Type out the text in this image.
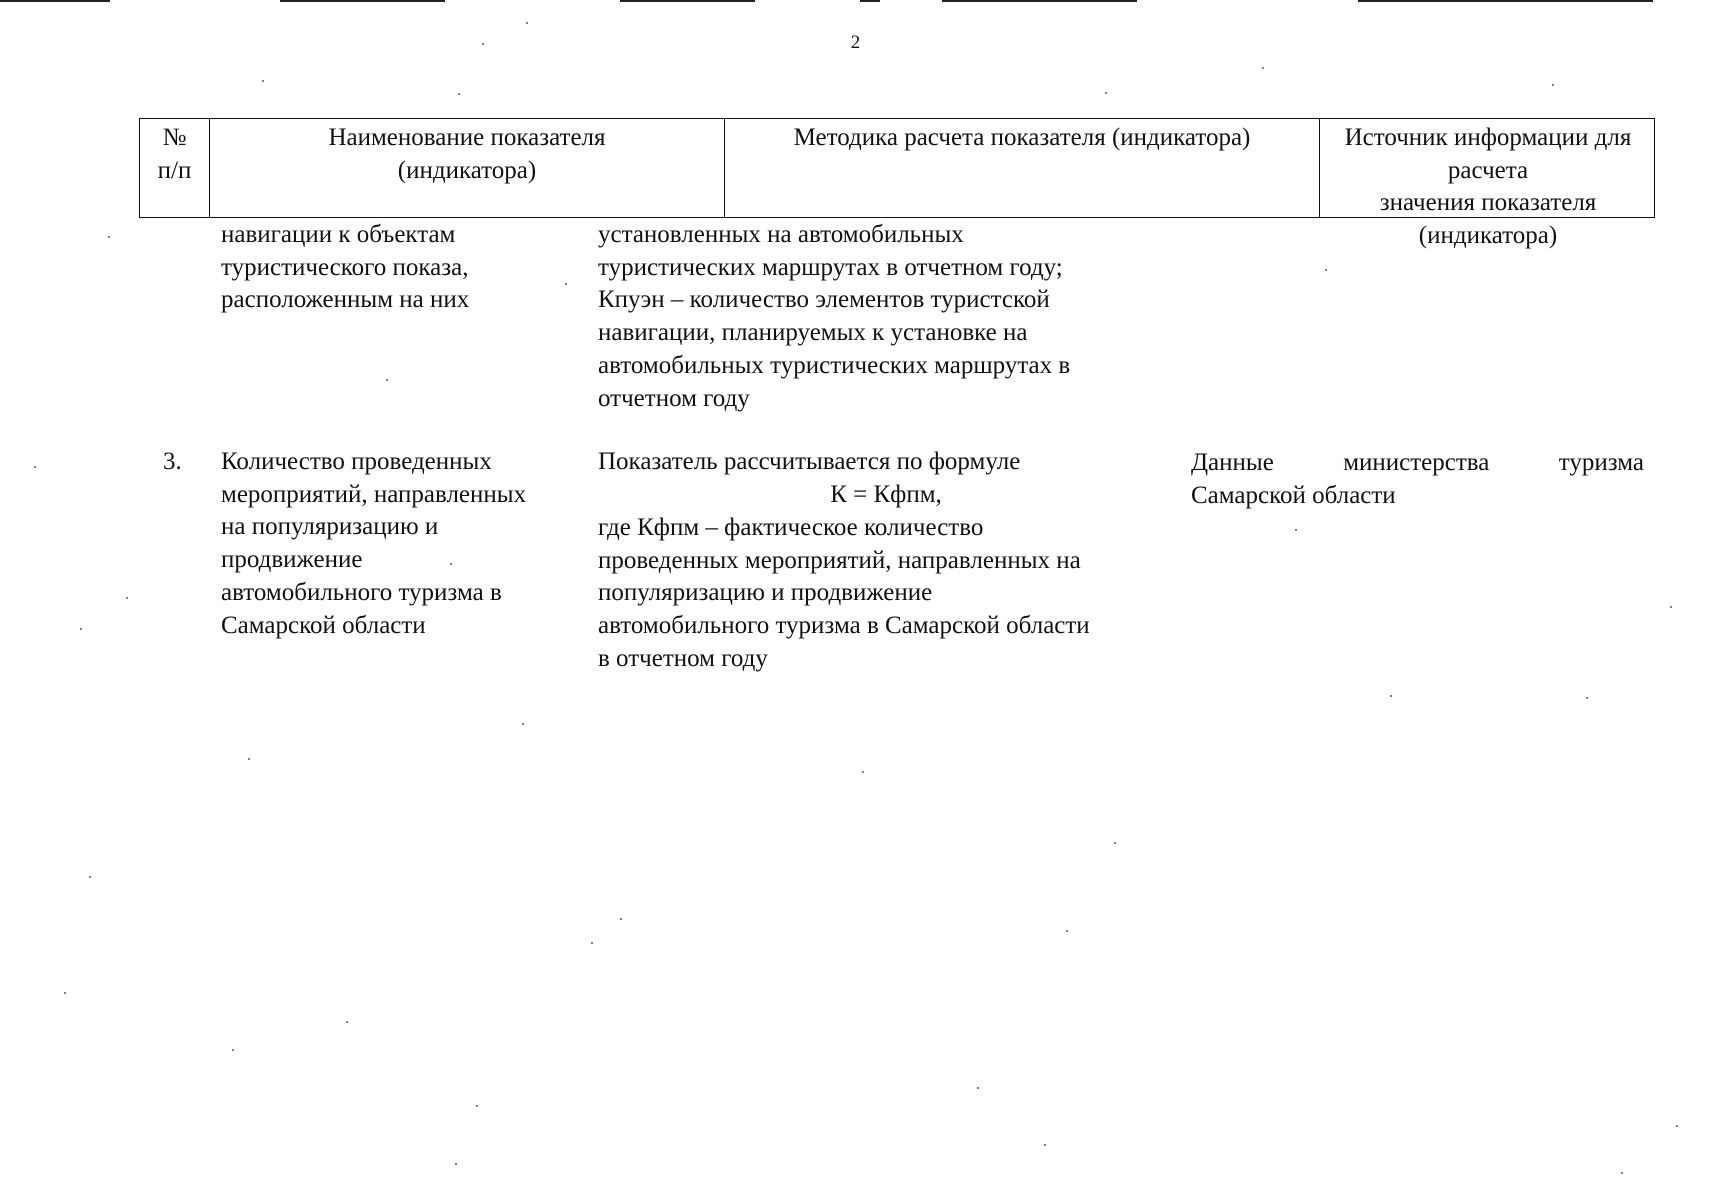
2
№
п/п
Наименование показателя
(индикатора)
Методика расчета показателя (индикатора)	Источник информации для расчета
значения показателя (индикатора)
навигации к объектам
туристического показа,
расположенным на них
установленных на автомобильных
туристических маршрутах в отчетном году;
Кпуэн – количество элементов туристской
навигации, планируемых к установке на
автомобильных туристических маршрутах в
отчетном году
3.	Количество проведенных
мероприятий, направленных
на популяризацию и
продвижение
автомобильного туризма в
Самарской области
Показатель рассчитывается по формуле
К = Кфпм,
где Кфпм – фактическое количество
проведенных мероприятий, направленных на
популяризацию и продвижение
автомобильного туризма в Самарской области
в отчетном году
Данные министерства туризма
Самарской области
